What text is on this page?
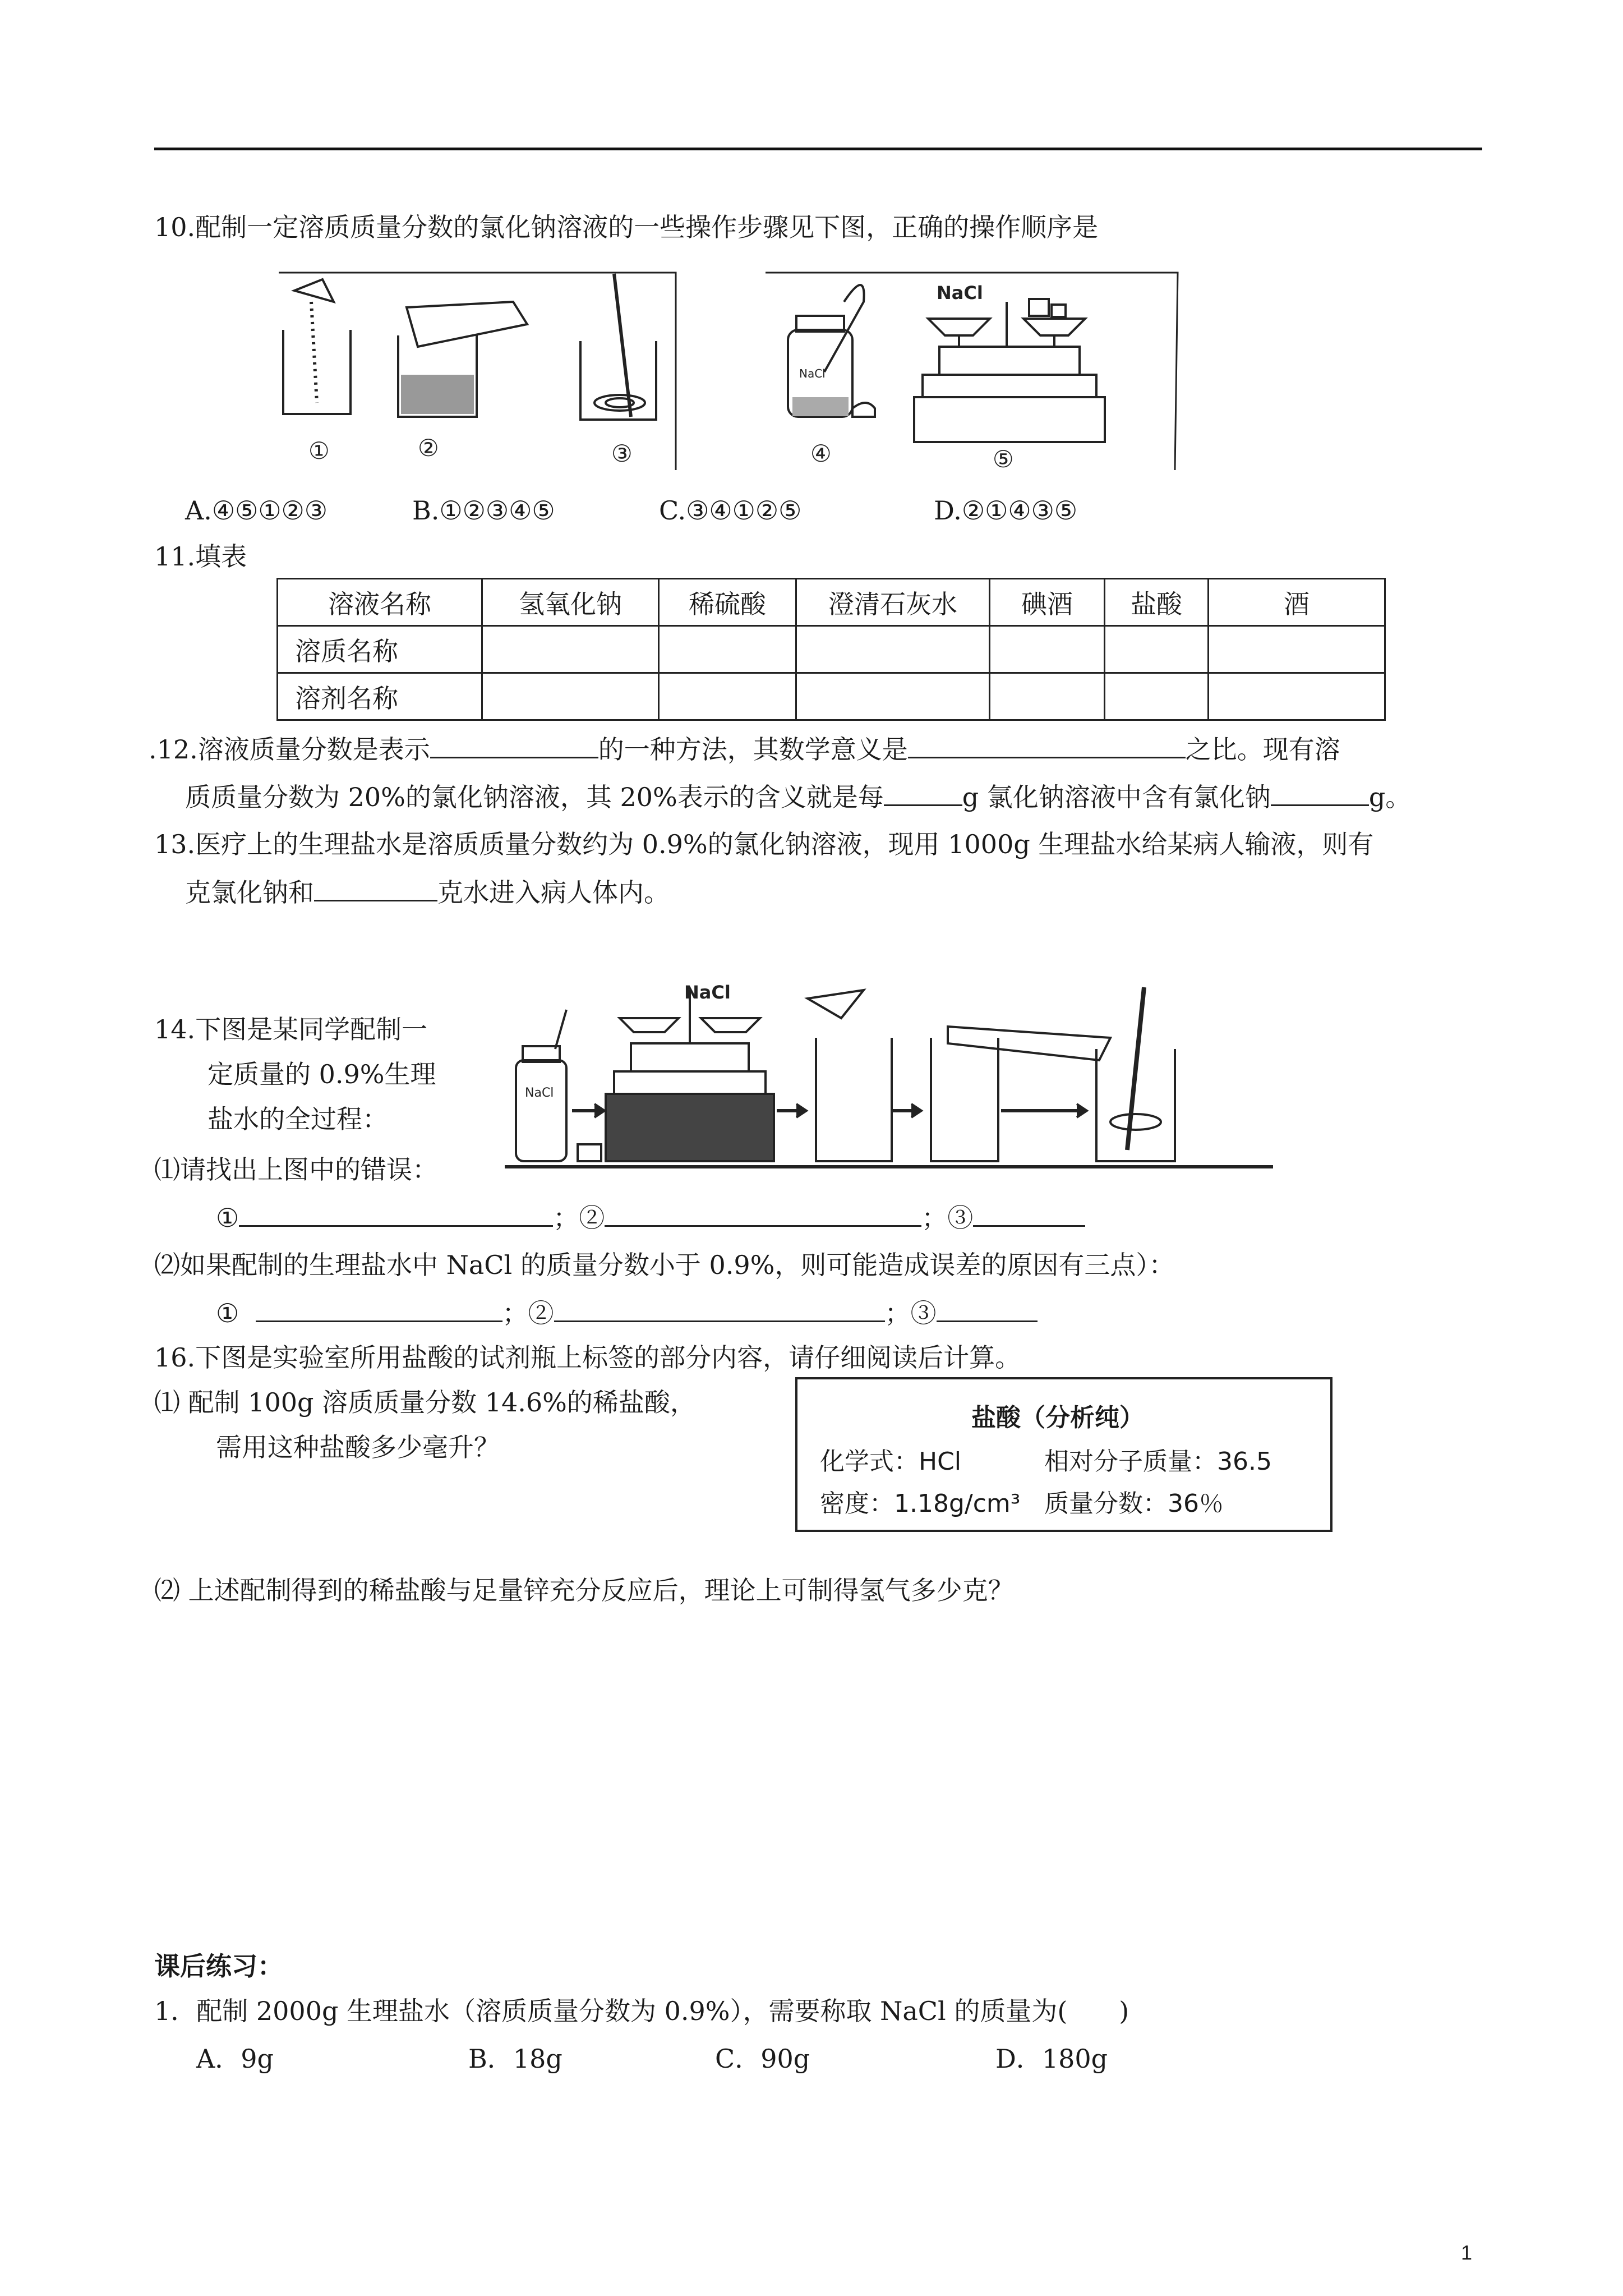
10.配制一定溶质质量分数的氯化钠溶液的一些操作步骤见下图，正确的操作顺序是
NaCl
NaCl
①	②	③	④	⑤
A.④⑤①②③	B.①②③④⑤	C.③④①②⑤	D.②①④③⑤
11.填表
溶液名称	氢氧化钠	稀硫酸	澄清石灰水	碘酒	盐酸	酒
溶质名称						
溶剂名称						
.12.溶液质量分数是表示	的一种方法，其数学意义是	之比。现有溶
质质量分数为 20%的氯化钠溶液，其 20%表示的含义就是每	g 氯化钠溶液中含有氯化钠	g。
13.医疗上的生理盐水是溶质质量分数约为 0.9%的氯化钠溶液，现用 1000g 生理盐水给某病人输液，则有
克氯化钠和	克水进入病人体内。
14.下图是某同学配制一
定质量的 0.9%生理
盐水的全过程：
NaCl
NaCl
⑴请找出上图中的错误：
①	；②	；③
⑵如果配制的生理盐水中 NaCl 的质量分数小于 0.9%，则可能造成误差的原因有三点）：
①	；②	；③
16.下图是实验室所用盐酸的试剂瓶上标签的部分内容，请仔细阅读后计算。
⑴ 配制 100g 溶质质量分数 14.6%的稀盐酸，
需用这种盐酸多少毫升？
盐酸（分析纯）
化学式：HCl	相对分子质量：36.5
密度：1.18g/cm³ 质量分数：36％
⑵ 上述配制得到的稀盐酸与足量锌充分反应后，理论上可制得氢气多少克？
课后练习：
1．配制 2000g 生理盐水（溶质质量分数为 0.9%），需要称取 NaCl 的质量为(　　)
A．9g	B．18g	C．90g	D．180g
1
